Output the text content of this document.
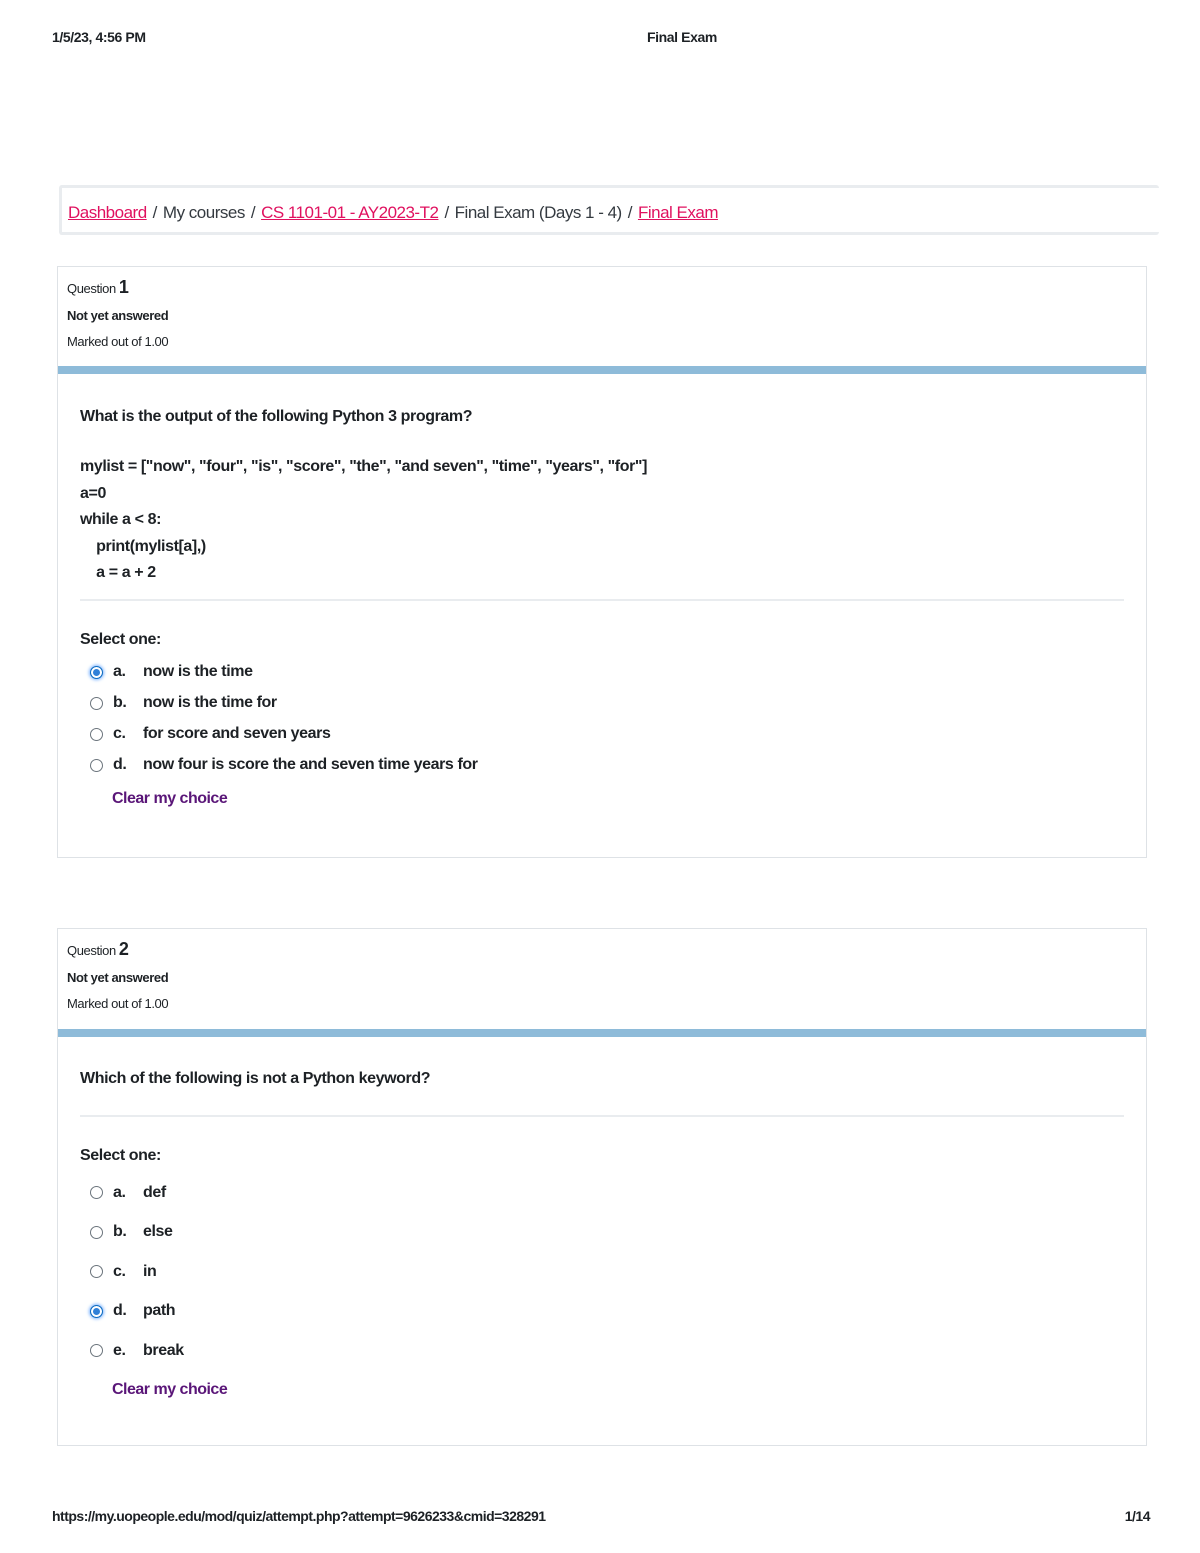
1/5/23, 4:56 PM	Final Exam
Dashboard / My courses / CS 1101-01 - AY2023-T2 / Final Exam (Days 1 - 4) / Final Exam
Question 1
Not yet answered
Marked out of 1.00
What is the output of the following Python 3 program?
mylist = ["now", "four", "is", "score", "the", "and seven", "time", "years", "for"]
a=0
while a < 8:
print(mylist[a],)
a = a + 2
Select one:
a.	now is the time
b.	now is the time for
c.	for score and seven years
d.	now four is score the and seven time years for
Clear my choice
Question 2
Not yet answered
Marked out of 1.00
Which of the following is not a Python keyword?
Select one:
a.	def
b.	else
c.	in
d.	path
e.	break
Clear my choice
https://my.uopeople.edu/mod/quiz/attempt.php?attempt=9626233&cmid=328291	1/14
